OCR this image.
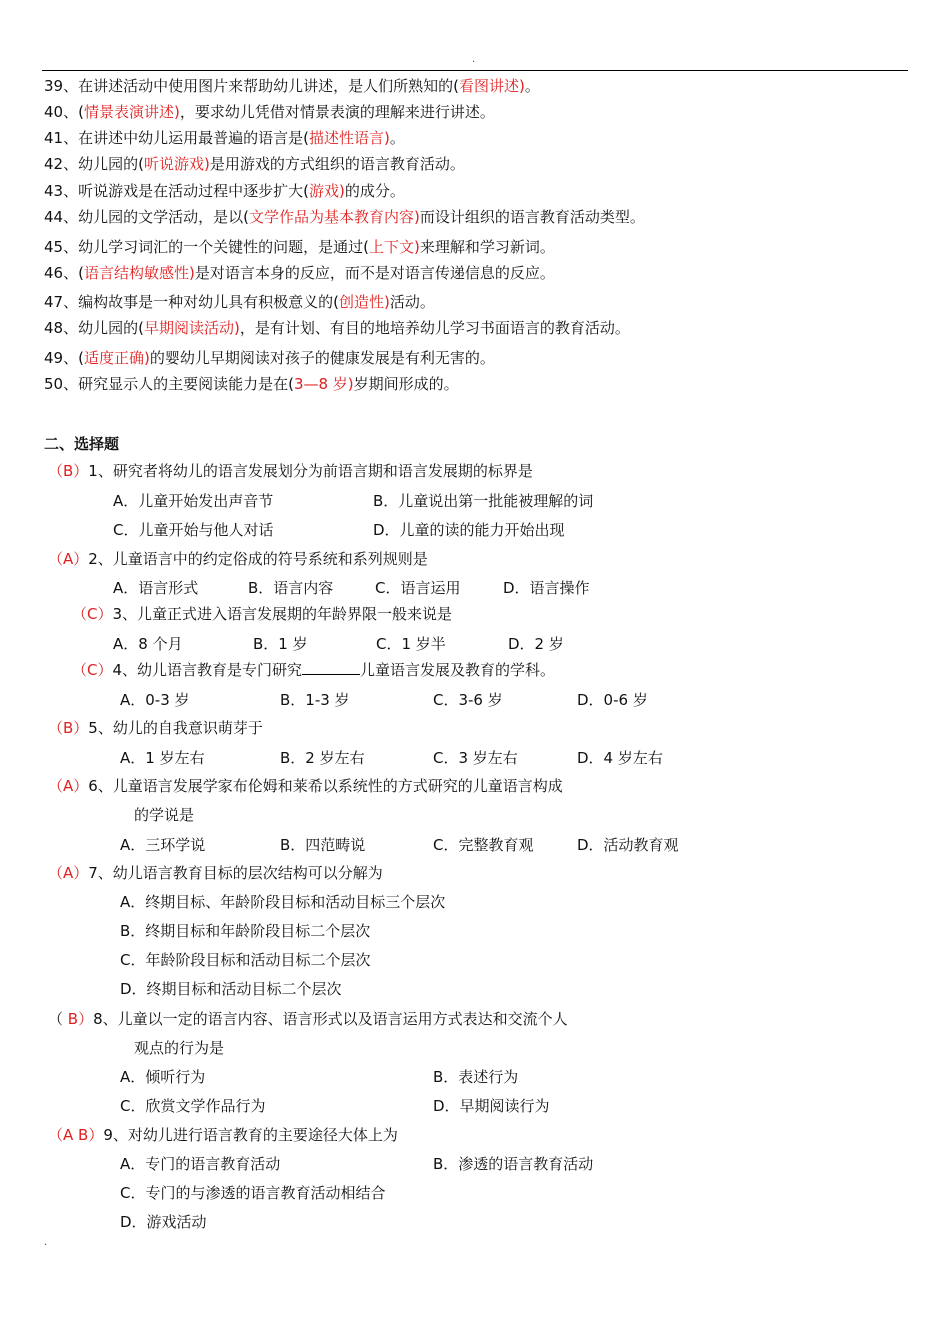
.
39、在讲述活动中使用图片来帮助幼儿讲述，是人们所熟知的(看图讲述)。
40、(情景表演讲述)，要求幼儿凭借对情景表演的理解来进行讲述。
41、在讲述中幼儿运用最普遍的语言是(描述性语言)。
42、幼儿园的(听说游戏)是用游戏的方式组织的语言教育活动。
43、听说游戏是在活动过程中逐步扩大(游戏)的成分。
44、幼儿园的文学活动，是以(文学作品为基本教育内容)而设计组织的语言教育活动类型。
45、幼儿学习词汇的一个关键性的问题，是通过(上下文)来理解和学习新词。
46、(语言结构敏感性)是对语言本身的反应，而不是对语言传递信息的反应。
47、编构故事是一种对幼儿具有积极意义的(创造性)活动。
48、幼儿园的(早期阅读活动)，是有计划、有目的地培养幼儿学习书面语言的教育活动。
49、(适度正确)的婴幼儿早期阅读对孩子的健康发展是有利无害的。
50、研究显示人的主要阅读能力是在(3—8 岁)岁期间形成的。
二、选择题
（B）1、研究者将幼儿的语言发展划分为前语言期和语言发展期的标界是
A．儿童开始发出声音节	B．儿童说出第一批能被理解的词
C．儿童开始与他人对话	D．儿童的读的能力开始出现
（A）2、儿童语言中的约定俗成的符号系统和系列规则是
A．语言形式	B．语言内容	C．语言运用	D．语言操作
（C）3、儿童正式进入语言发展期的年龄界限一般来说是
A．8 个月	B．1 岁	C．1 岁半	D．2 岁
（C）4、幼儿语言教育是专门研究	儿童语言发展及教育的学科。
A．0-3 岁	B．1-3 岁	C．3-6 岁	D．0-6 岁
（B）5、幼儿的自我意识萌芽于
A．1 岁左右	B．2 岁左右	C．3 岁左右	D．4 岁左右
（A）6、儿童语言发展学家布伦姆和莱希以系统性的方式研究的儿童语言构成
的学说是
A．三环学说	B．四范畴说	C．完整教育观	D．活动教育观
（A）7、幼儿语言教育目标的层次结构可以分解为
A．终期目标、年龄阶段目标和活动目标三个层次
B．终期目标和年龄阶段目标二个层次
C．年龄阶段目标和活动目标二个层次
D．终期目标和活动目标二个层次
（ B）8、儿童以一定的语言内容、语言形式以及语言运用方式表达和交流个人
观点的行为是
A．倾听行为	B．表述行为
C．欣赏文学作品行为	D．早期阅读行为
（A B）9、对幼儿进行语言教育的主要途径大体上为
A．专门的语言教育活动	B．渗透的语言教育活动
C．专门的与渗透的语言教育活动相结合
D．游戏活动
.
